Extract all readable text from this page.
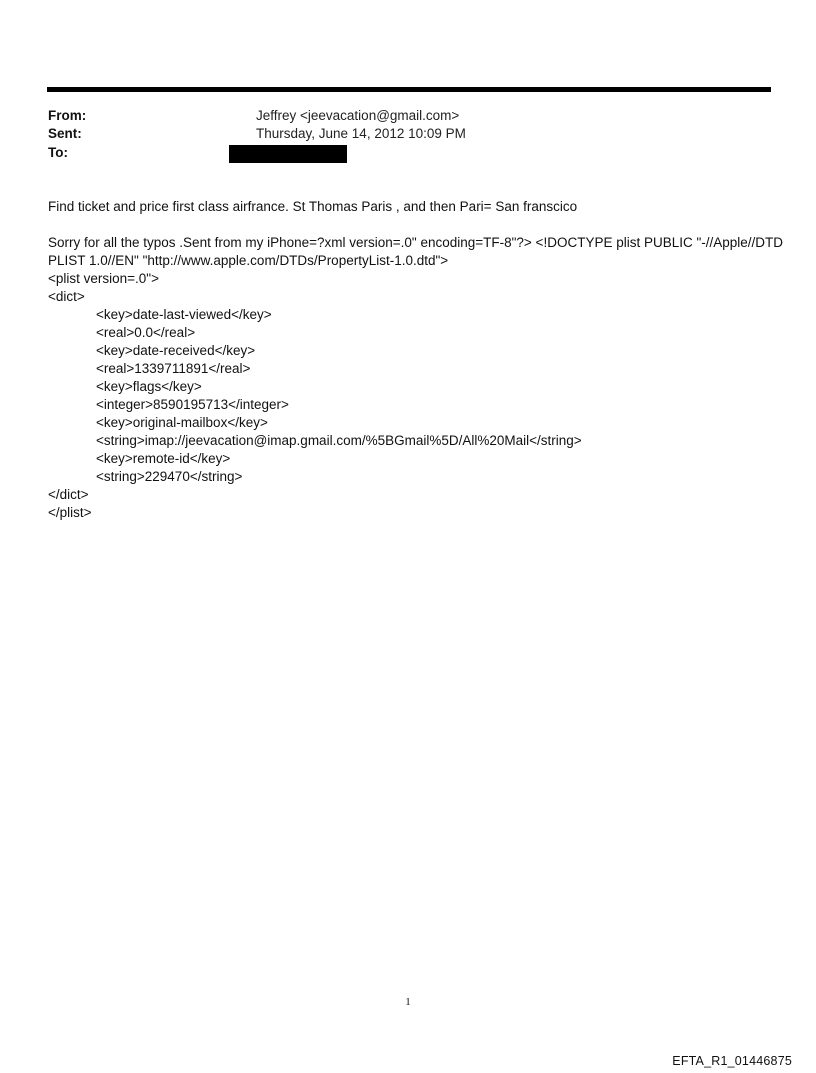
From:	Jeffrey <jeevacation@gmail.com>
Sent:	Thursday, June 14, 2012 10:09 PM
To:
Find ticket and price first class airfrance. St Thomas Paris , and then Pari= San franscico
Sorry for all the typos .Sent from my iPhone=?xml version=.0" encoding=TF-8"?> <!DOCTYPE plist PUBLIC "-//Apple//DTD
PLIST 1.0//EN" "http://www.apple.com/DTDs/PropertyList-1.0.dtd">
<plist version=.0">
<dict>
<key>date-last-viewed</key>
<real>0.0</real>
<key>date-received</key>
<real>1339711891</real>
<key>flags</key>
<integer>8590195713</integer>
<key>original-mailbox</key>
<string>imap://jeevacation@imap.gmail.com/%5BGmail%5D/All%20Mail</string>
<key>remote-id</key>
<string>229470</string>
</dict>
</plist>
1
EFTA_R1_01446875
